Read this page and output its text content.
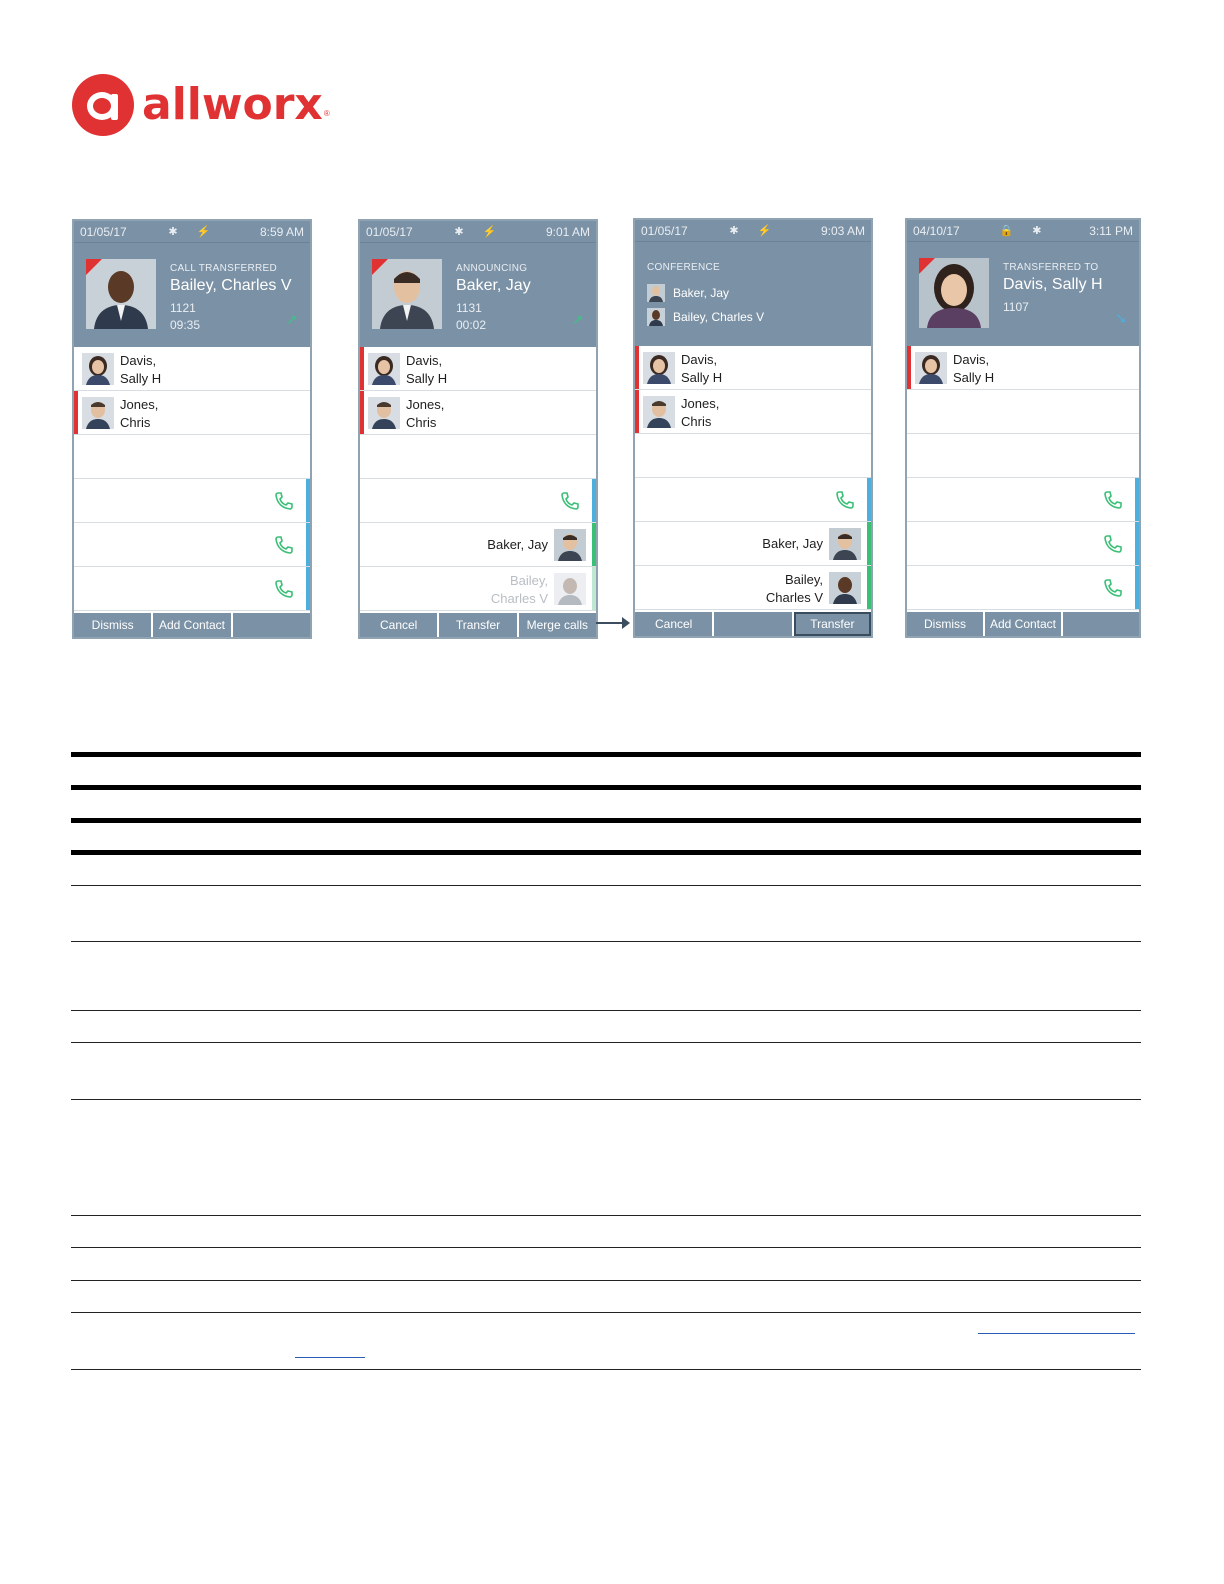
allworx ®
01/05/17	✱ ⚡	8:59 AM
CALL TRANSFERRED
Bailey, Charles V
1121
09:35	➚
Davis,
Sally H
Jones,
Chris
Dismiss	Add Contact
01/05/17	✱ ⚡	9:01 AM
ANNOUNCING
Baker, Jay
1131
00:02	➚
Davis,
Sally H
Jones,
Chris
Baker, Jay
Bailey,
Charles V
Cancel	Transfer	Merge calls
01/05/17	✱ ⚡	9:03 AM
CONFERENCE
Baker, Jay
Bailey, Charles V
Davis,
Sally H
Jones,
Chris
Baker, Jay
Bailey,
Charles V
Cancel	Transfer
04/10/17	🔒 ✱	3:11 PM
TRANSFERRED TO
Davis, Sally H
1107
➘
Davis,
Sally H
Dismiss	Add Contact
